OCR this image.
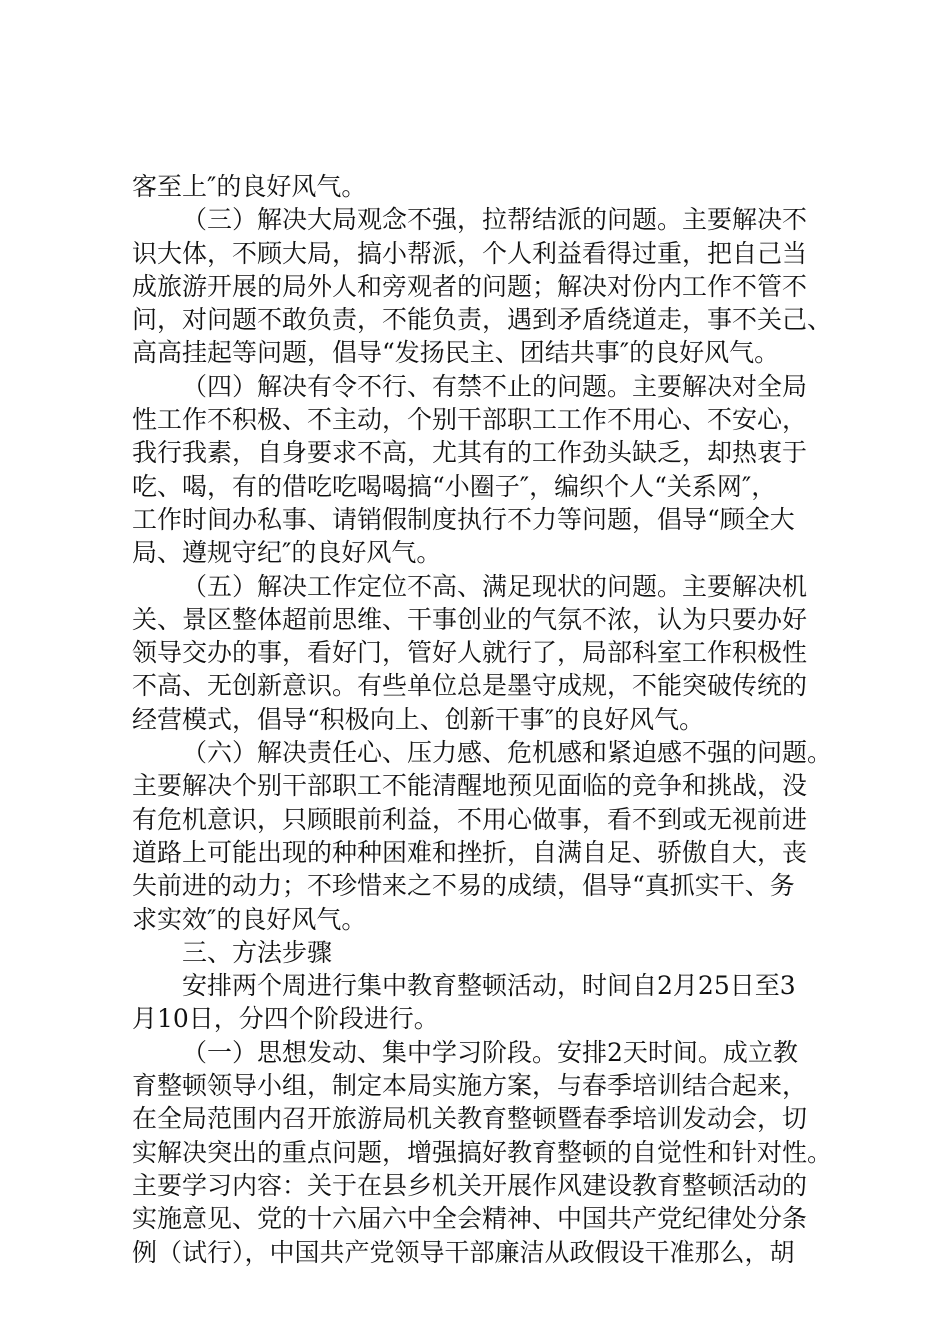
客至上″的良好风气。
（三）解决大局观念不强，拉帮结派的问题。主要解决不
识大体，不顾大局，搞小帮派，个人利益看得过重，把自己当
成旅游开展的局外人和旁观者的问题；解决对份内工作不管不
问，对问题不敢负责，不能负责，遇到矛盾绕道走，事不关己、
高高挂起等问题，倡导“发扬民主、团结共事″的良好风气。
（四）解决有令不行、有禁不止的问题。主要解决对全局
性工作不积极、不主动，个别干部职工工作不用心、不安心，
我行我素，自身要求不高，尤其有的工作劲头缺乏，却热衷于
吃、喝，有的借吃吃喝喝搞“小圈子″，编织个人“关系网″，
工作时间办私事、请销假制度执行不力等问题，倡导“顾全大
局、遵规守纪″的良好风气。
（五）解决工作定位不高、满足现状的问题。主要解决机
关、景区整体超前思维、干事创业的气氛不浓，认为只要办好
领导交办的事，看好门，管好人就行了，局部科室工作积极性
不高、无创新意识。有些单位总是墨守成规，不能突破传统的
经营模式，倡导“积极向上、创新干事″的良好风气。
（六）解决责任心、压力感、危机感和紧迫感不强的问题。
主要解决个别干部职工不能清醒地预见面临的竞争和挑战，没
有危机意识，只顾眼前利益，不用心做事，看不到或无视前进
道路上可能出现的种种困难和挫折，自满自足、骄傲自大，丧
失前进的动力；不珍惜来之不易的成绩，倡导“真抓实干、务
求实效″的良好风气。
三、方法步骤
安排两个周进行集中教育整顿活动，时间自2月25日至3
月10日，分四个阶段进行。
（一）思想发动、集中学习阶段。安排2天时间。成立教
育整顿领导小组，制定本局实施方案，与春季培训结合起来，
在全局范围内召开旅游局机关教育整顿暨春季培训发动会，切
实解决突出的重点问题，增强搞好教育整顿的自觉性和针对性。
主要学习内容：关于在县乡机关开展作风建设教育整顿活动的
实施意见、党的十六届六中全会精神、中国共产党纪律处分条
例（试行），中国共产党领导干部廉洁从政假设干准那么，胡
